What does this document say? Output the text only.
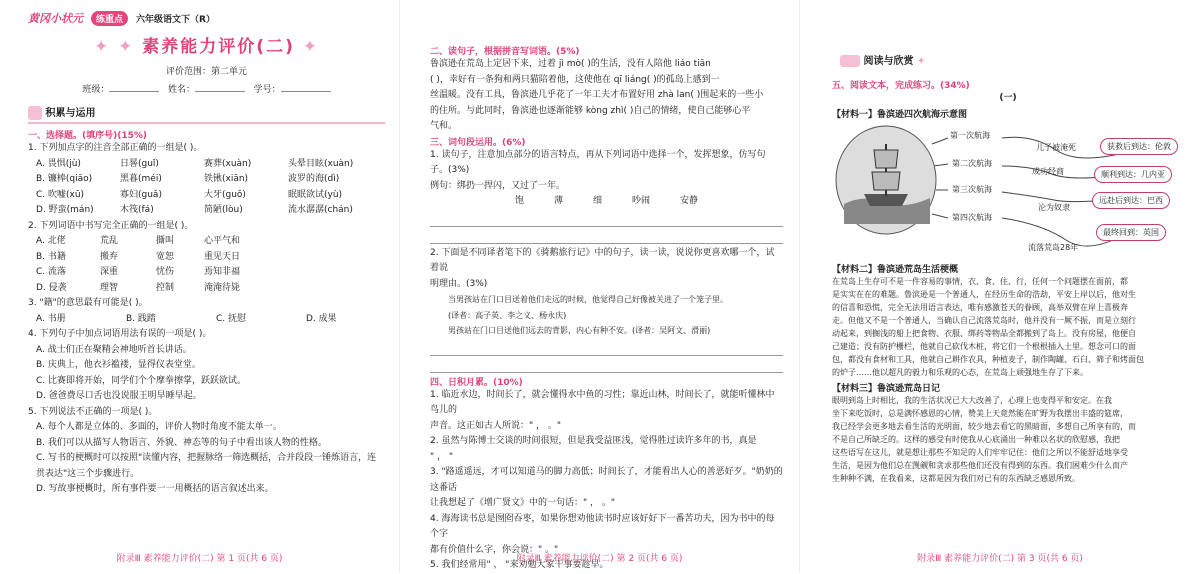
黄冈小状元	练重点	六年级语文下（R）
✦ ✦ 素养能力评价(二) ✦
评价范围：第二单元
班级：	姓名：	学号：
积累与运用
一、选择题。(填序号)(15%)
1. 下列加点字的注音全部正确的一组是( )。
A. 畏惧(jù)	日晷(guǐ)	赛葬(xuàn)	头晕目眩(xuàn)
B. 镰棒(qiāo)	黑暮(méi)	铁锹(xiān)	波罗的海(dì)
C. 吹嘘(xū)	寡妇(guǎ)	大牙(guǒ)	眠眠欲试(yù)
D. 野蛮(mán)	木筏(fá)	简陋(lòu)	流水潺潺(chán)
2. 下列词语中书写完全正确的一组是( )。
A. 北佬	荒乱	撕叫	心平气和
B. 书籍	搬弃	宽恕	重见天日
C. 流落	深重	忧伤	焉知非福
D. 侵袭	理智	控制	淹淹待毙
3. "籍"的意思最有可能是( )。
A. 书册	B. 践踏	C. 抚慰	D. 成果
4. 下列句子中加点词语用法有误的一项是( )。
A. 战士们正在聚精会神地听首长讲话。
B. 庆典上，他衣衫褴褛，显得仪表堂堂。
C. 比赛即将开始，同学们个个摩拳擦掌，跃跃欲试。
D. 爸爸费尽口舌也没说服王明早睡早起。
5. 下列说法不正确的一项是( )。
A. 每个人都是立体的、多面的，评价人物时角度不能太单一。
B. 我们可以从描写人物语言、外貌、神态等的句子中看出该人物的性格。
C. 写书的梗概时可以按照"读懂内容，把握脉络一筛选概括，合并段段一锤炼语言，连
贯表达"这三个步骤进行。
D. 写故事梗概时，所有事件要一一用概括的语言叙述出来。
附录Ⅲ 素养能力评价(二) 第 1 页(共 6 页)
二、读句子，根据拼音写词语。(5%)
鲁滨逊在荒岛上定居下来，过着 jì mò( )的生活，没有人陪他 liáo tiān
( )，幸好有一条狗和两只猫陪着他，这使他在 qī liáng( )的孤岛上感到一
丝温暖。没有工具，鲁滨逊几乎花了一年工夫才布置好用 zhà lan( )围起来的一些小
的住所。与此同时，鲁滨逊也逐渐能够 kòng zhì( )自己的情绪，使自己能够心平
气和。
三、词句段运用。(6%)
1. 读句子，注意加点部分的语言特点，再从下列词语中选择一个，发挥想象，仿写句子。(3%)
例句：绑扔一捍闪，又过了一年。
饱	薄	细	吵闹	安静
2. 下面是不同译者笔下的《骑鹅旅行记》中的句子，读一读，说说你更喜欢哪一个，试着说
明理由。(3%)
当男孩站在门口目送着他们走远的时候，他觉得自己好像被关进了一个笼子里。
(译者：高子英、李之义、杨永庆)
男孩站在门口目送他们远去的背影，内心有种不安。(译者：吴阿文、滑丽)
四、日积月累。(10%)
1. 临近水边，时间长了，就会懂得水中鱼的习性；靠近山林，时间长了，就能听懂林中鸟儿的
声音。这正如古人所说：" ， 。"
2. 虽然与陈博士交谈的时间很短，但是我受益匪浅，觉得胜过读许多年的书，真是
" ， "
3. "路遥遥远，才可以知道马的脚力高低；时间长了，才能看出人心的善恶好歹。"奶奶的这番话
让我想起了《增广贤文》中的一句话：" ， 。"
4. 海海读书总是囫囵吞枣，如果你想劝他读书时应该好好下一番苦功夫，因为书中的每个字
都有价值什么字，你会说：" 。"
5. 我们经常用" ， "来劝勉大家干事要趁早。
附录Ⅲ 素养能力评价(二) 第 2 页(共 6 页)
阅读与欣赏 ✦
五、阅读文本，完成练习。(34%)
(一)
【材料一】鲁滨逊四次航海示意图
第一次航海
第二次航海
第三次航海
第四次航海
儿子被淹死
成功经商
沦为奴隶
流落荒岛28年
获救后到达：伦敦
顺利到达：几内亚
远赴后到达：巴西
最终回到：英国
【材料二】鲁滨逊荒岛生活梗概
在荒岛上生存可不是一件容易的事情，衣、食、住、行，任何一个问题摆在面前，都
是实实在在的难题。鲁滨逊是一个普通人，在经历生命的浩劫，平安上岸以后，他对生
的信喜和恐慌，完全无法用语言表达，唯有感激苍天的眷顾，高举双臂在岸上喜极奔
走。但他又不是一个普通人，当确认自己流落荒岛时，他并没有一厥不振，而是立刻行
动起来，到搁浅的船上把食物、衣服、绑药等物品全都搬到了岛上。没有房屋，他便自
己建造；没有防护栅栏，他就自己砍伐木桩，将它们一个根根插入土里。想念可口的面
包，都没有食材和工具，他就自己耕作农具，种植麦子，制作陶罐、石臼、筛子和烤面包
的炉子……他以超凡的毅力和乐观的心态，在荒岛上顽强地生存了下来。
【材料三】鲁滨逊荒岛日记
眼明到岛上时相比，我的生活状况已大大改善了，心理上也变得平和安定。在我
坐下来吃饭时，总是满怀感恩的心情，赞美上天竟然能在旷野为我摆出丰盛的筵席，
我已经学会更多地去看生活的光明面，较少地去看它的黑暗面，多想自己所享有的，而
不是自己所缺乏的。这样的感受有时使我从心底涌出一种难以名状的欣慰感，我把
这些语写在这儿，就是想让那些不知足的人们牢牢记住：他们之所以不能舒适地享受
生活，是因为他们总在觊觎和贪求那些他们还没有得到的东西。我们困难少什么而产
生种种不满，在我看来，这都是因为我们对已有的东西缺乏感恩所致。
附录Ⅲ 素养能力评价(二) 第 3 页(共 6 页)
